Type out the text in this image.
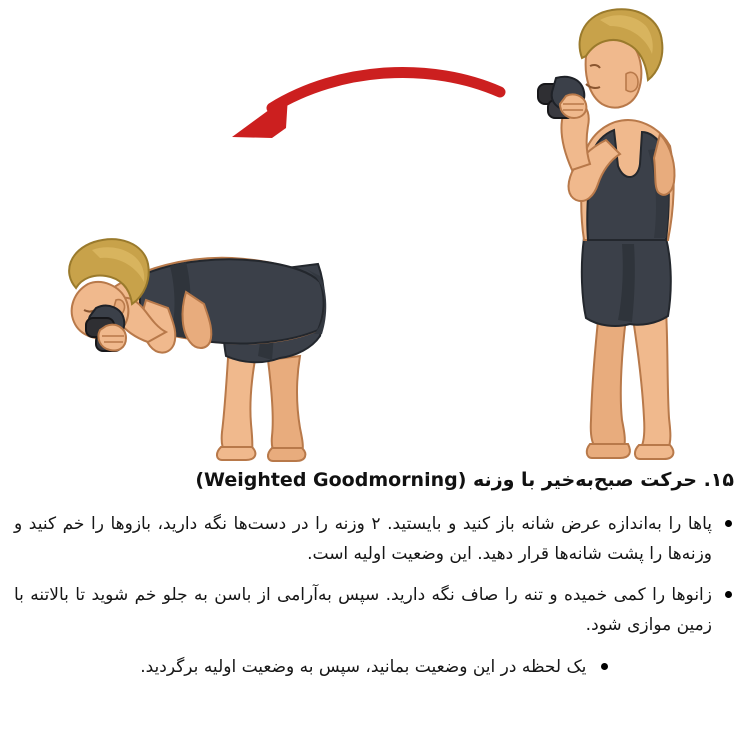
۱۵. حرکت صبح‌به‌خیر با وزنه (Weighted Goodmorning)
پاها را به‌اندازه عرض شانه باز کنید و بایستید. ۲ وزنه را در دست‌ها نگه دارید، بازوها را خم کنید و وزنه‌ها را پشت شانه‌ها قرار دهید. این وضعیت اولیه است.
زانوها را کمی خمیده و تنه را صاف نگه دارید. سپس به‌آرامی از باسن به جلو خم شوید تا بالاتنه با زمین موازی شود.
یک لحظه در این وضعیت بمانید، سپس به وضعیت اولیه برگردید.
